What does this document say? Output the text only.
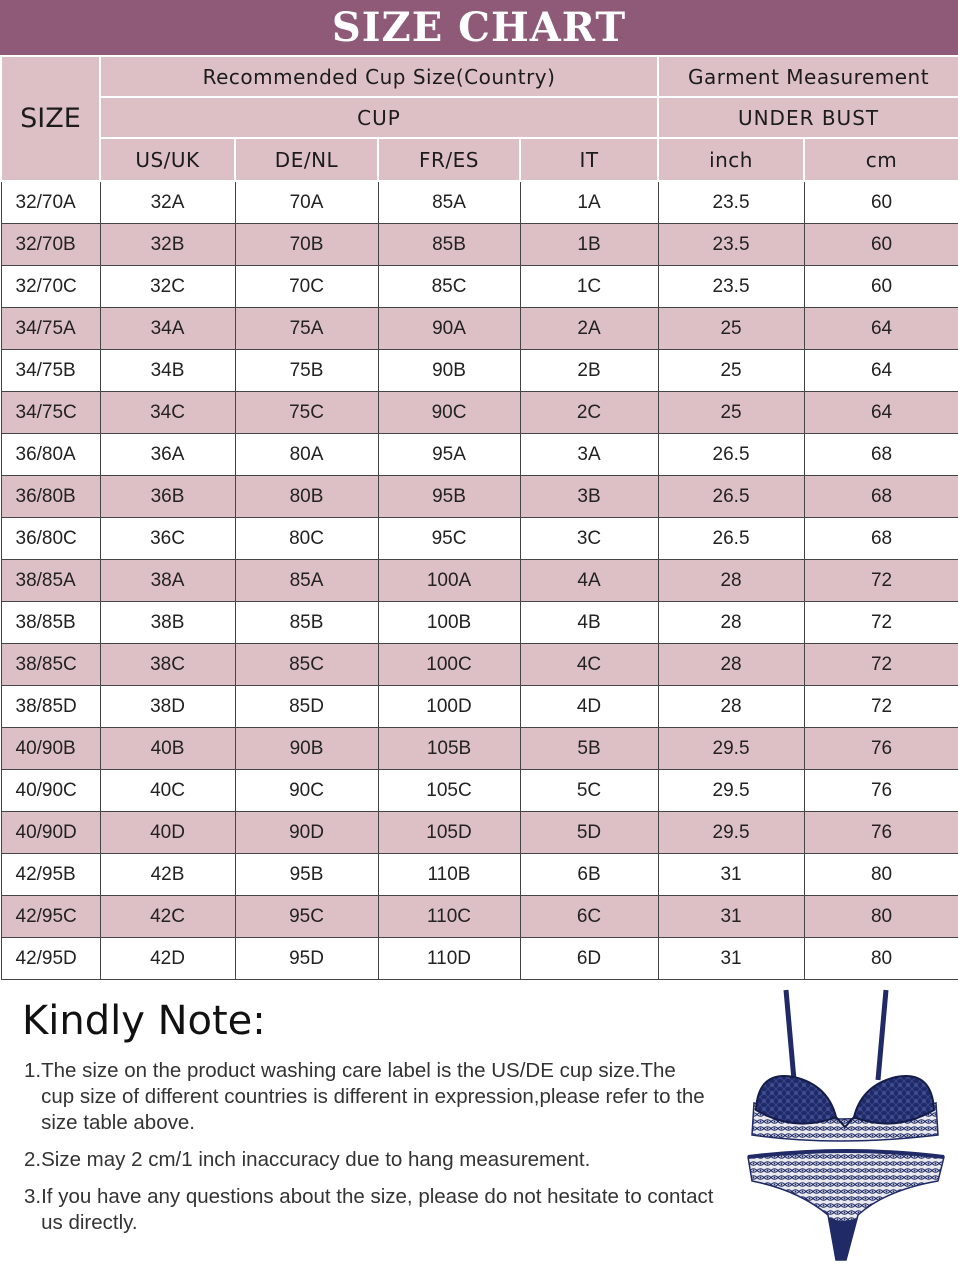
SIZE CHART
SIZE	Recommended Cup Size(Country)				Garment Measurement	
	CUP				UNDER BUST	
	US/UK	DE/NL	FR/ES	IT	inch	cm
32/70A	32A	70A	85A	1A	23.5	60
32/70B	32B	70B	85B	1B	23.5	60
32/70C	32C	70C	85C	1C	23.5	60
34/75A	34A	75A	90A	2A	25	64
34/75B	34B	75B	90B	2B	25	64
34/75C	34C	75C	90C	2C	25	64
36/80A	36A	80A	95A	3A	26.5	68
36/80B	36B	80B	95B	3B	26.5	68
36/80C	36C	80C	95C	3C	26.5	68
38/85A	38A	85A	100A	4A	28	72
38/85B	38B	85B	100B	4B	28	72
38/85C	38C	85C	100C	4C	28	72
38/85D	38D	85D	100D	4D	28	72
40/90B	40B	90B	105B	5B	29.5	76
40/90C	40C	90C	105C	5C	29.5	76
40/90D	40D	90D	105D	5D	29.5	76
42/95B	42B	95B	110B	6B	31	80
42/95C	42C	95C	110C	6C	31	80
42/95D	42D	95D	110D	6D	31	80
Kindly Note:
1. The size on the product washing care label is the US/DE cup size.The cup size of different countries is different in expression,please refer to the size table above.
2. Size may 2 cm/1 inch inaccuracy due to hang measurement.
3. If you have any questions about the size, please do not hesitate to contact us directly.
